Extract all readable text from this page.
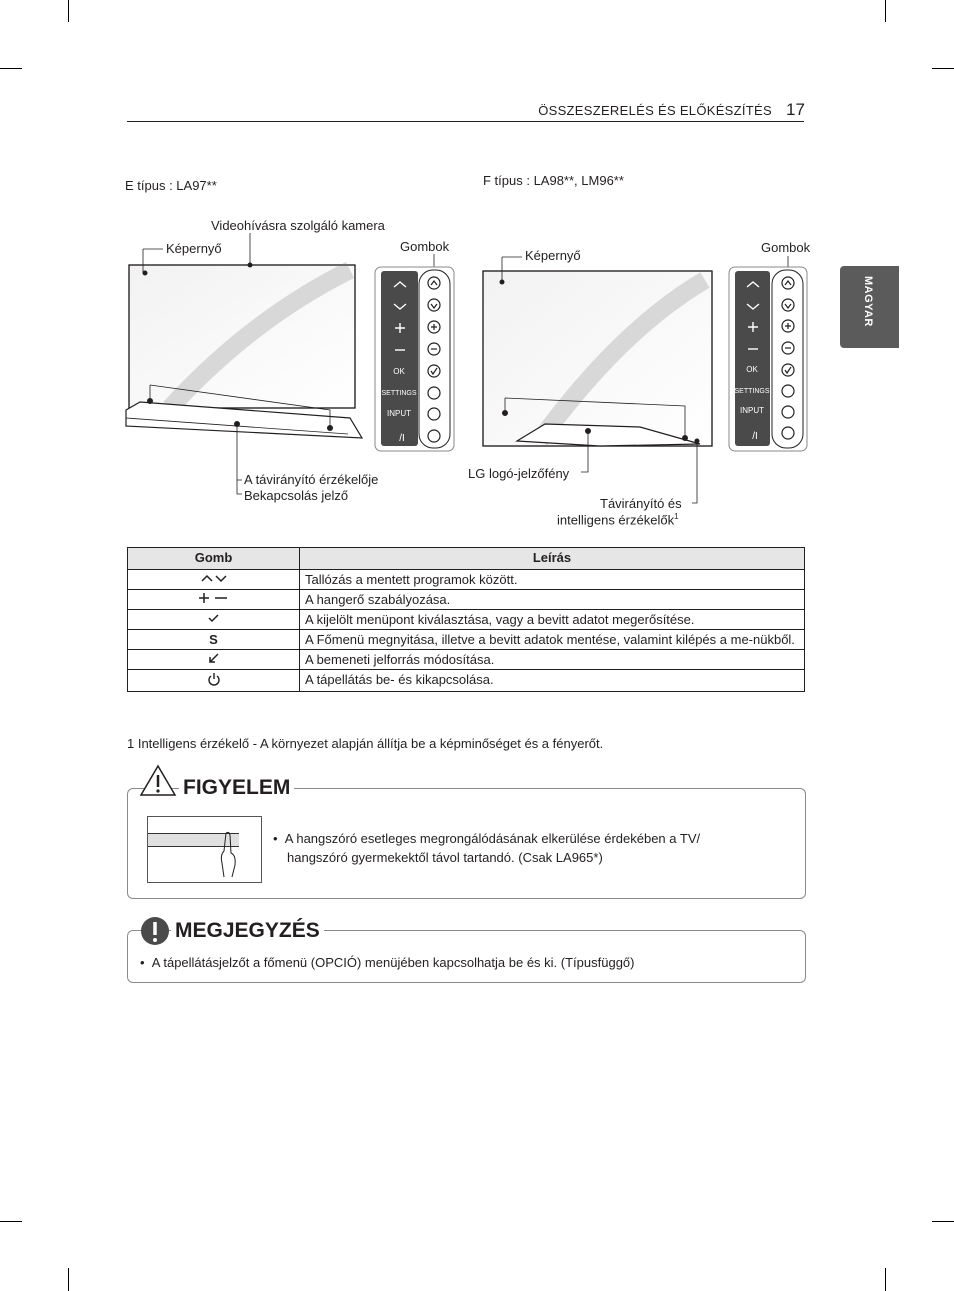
ÖSSZESZERELÉS ÉS ELŐKÉSZÍTÉS 17
MAGYAR
E típus : LA97**
Videohívásra szolgáló kamera
Képernyő	Gombok
A távirányító érzékelője
Bekapcsolás jelző
F típus : LA98**, LM96**
Képernyő
Gombok
LG logó-jelzőfény
Távirányító és
intelligens érzékelők$^1$
OK
SETTINGS
INPUT
/I
OK
SETTINGS
INPUT
/I
Gomb	Leírás
	Tallózás a mentett programok között.
	A hangerő szabályozása.
	A kijelölt menüpont kiválasztása, vagy a bevitt adatot megerősítése.
S	A Főmenü megnyitása, illetve a bevitt adatok mentése, valamint kilépés a me-nükből.
	A bemeneti jelforrás módosítása.
	A tápellátás be- és kikapcsolása.
1 Intelligens érzékelő - A környezet alapján állítja be a képminőséget és a fényerőt.
FIGYELEM
•  A hangszóró esetleges megrongálódásának elkerülése érdekében a TV/
hangszóró gyermekektől távol tartandó. (Csak LA965*)
MEGJEGYZÉS
•  A tápellátásjelzőt a főmenü (OPCIÓ) menüjében kapcsolhatja be és ki. (Típusfüggő)
